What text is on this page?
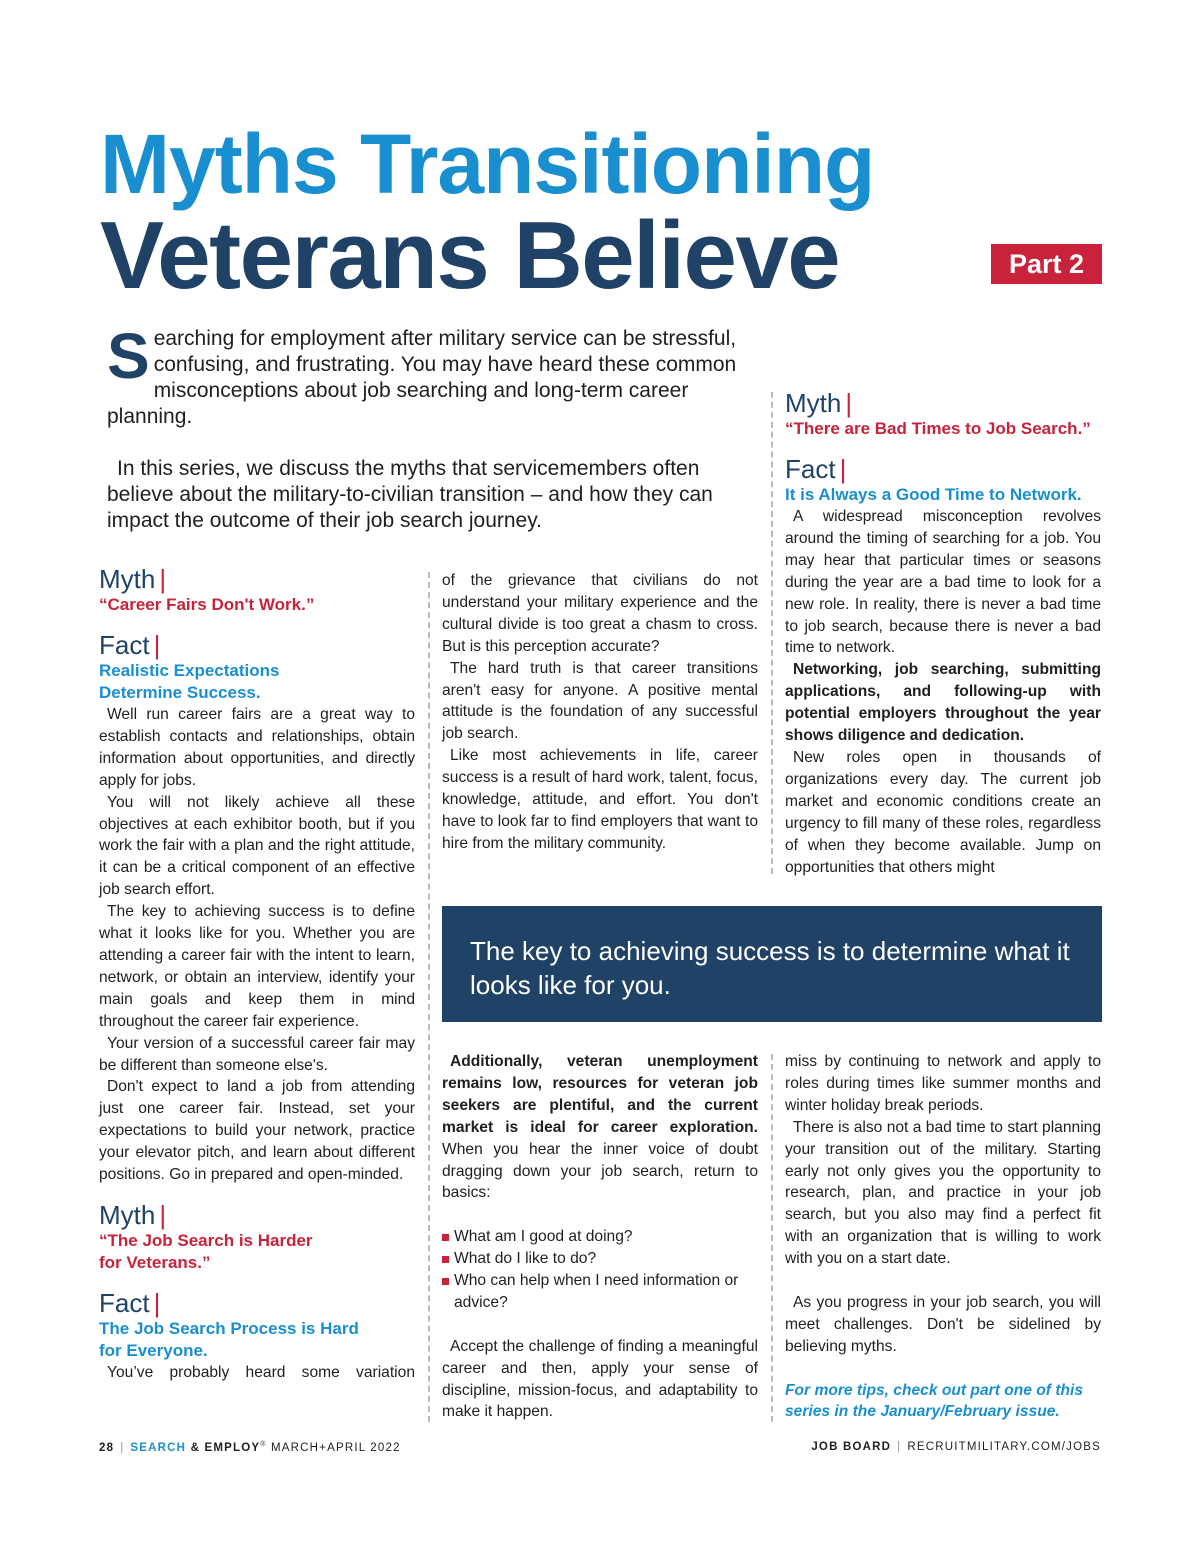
Myths Transitioning
Veterans Believe	Part 2

Searching for employment after military service can be stressful, confusing, and frustrating. You may have heard these common misconceptions about job searching and long-term career planning.

In this series, we discuss the myths that servicemembers often believe about the military-to-civilian transition – and how they can impact the outcome of their job search journey.

Myth |
“Career Fairs Don't Work.”
Fact |
Realistic Expectations
Determine Success.

Well run career fairs are a great way to establish contacts and relationships, obtain information about opportunities, and directly apply for jobs.

You will not likely achieve all these objectives at each exhibitor booth, but if you work the fair with a plan and the right attitude, it can be a critical component of an effective job search effort.

The key to achieving success is to define what it looks like for you. Whether you are attending a career fair with the intent to learn, network, or obtain an interview, identify your main goals and keep them in mind throughout the career fair experience.

Your version of a successful career fair may be different than someone else's.

Don't expect to land a job from attending just one career fair. Instead, set your expectations to build your network, practice your elevator pitch, and learn about different positions. Go in prepared and open-minded.

Myth |
“The Job Search is Harder
for Veterans.”
Fact |
The Job Search Process is Hard
for Everyone.

You’ve probably heard some variation

of the grievance that civilians do not understand your military experience and the cultural divide is too great a chasm to cross. But is this perception accurate?

The hard truth is that career transitions aren't easy for anyone. A positive mental attitude is the foundation of any successful job search.

Like most achievements in life, career success is a result of hard work, talent, focus, knowledge, attitude, and effort. You don't have to look far to find employers that want to hire from the military community.

Myth |
“There are Bad Times to Job Search.”
Fact |
It is Always a Good Time to Network.

A widespread misconception revolves around the timing of searching for a job. You may hear that particular times or seasons during the year are a bad time to look for a new role. In reality, there is never a bad time to job search, because there is never a bad time to network.

Networking, job searching, submitting applications, and following-up with potential employers throughout the year shows diligence and dedication.

New roles open in thousands of organizations every day. The current job market and economic conditions create an urgency to fill many of these roles, regardless of when they become available. Jump on opportunities that others might

The key to achieving success is to determine what it looks like for you.

Additionally, veteran unemployment remains low, resources for veteran job seekers are plentiful, and the current market is ideal for career exploration. When you hear the inner voice of doubt dragging down your job search, return to basics:

What am I good at doing?
What do I like to do?
Who can help when I need information or advice?

Accept the challenge of finding a meaningful career and then, apply your sense of discipline, mission-focus, and adaptability to make it happen.

miss by continuing to network and apply to roles during times like summer months and winter holiday break periods.

There is also not a bad time to start planning your transition out of the military. Starting early not only gives you the opportunity to research, plan, and practice in your job search, but you also may find a perfect fit with an organization that is willing to work with you on a start date.

As you progress in your job search, you will meet challenges. Don't be sidelined by believing myths.

For more tips, check out part one of this series in the January/February issue.

28 | SEARCH & EMPLOY® MARCH+APRIL 2022	JOB BOARD | RECRUITMILITARY.COM/JOBS
